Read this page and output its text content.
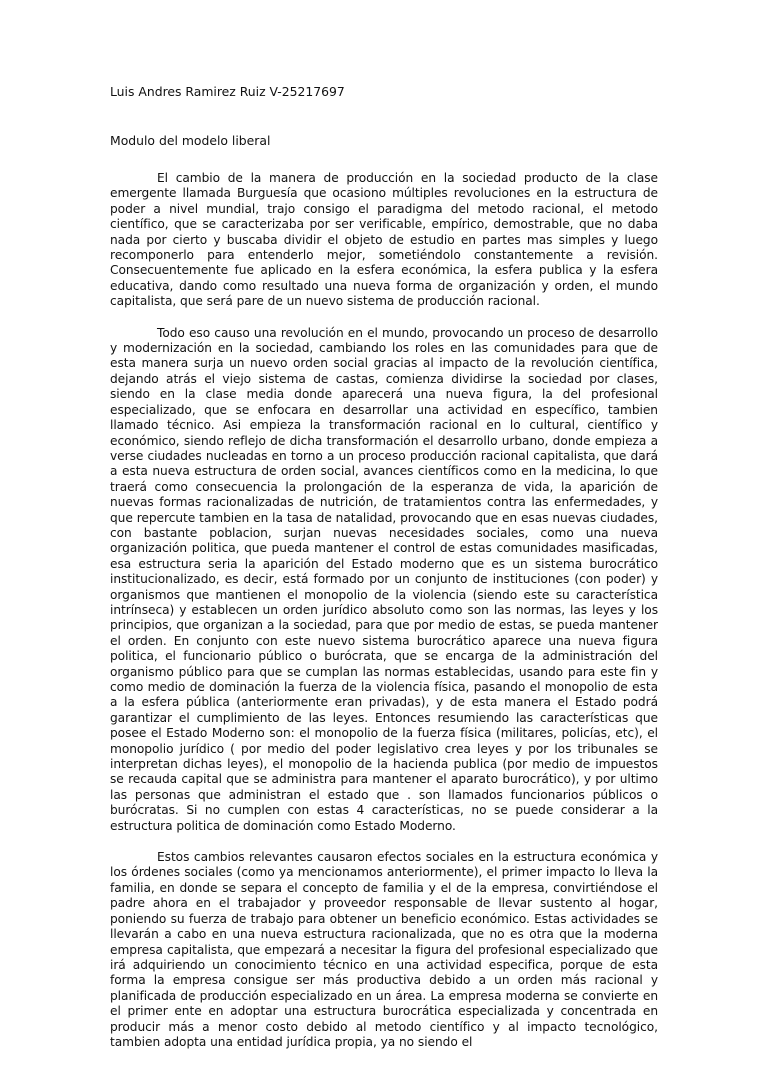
Luis Andres Ramirez Ruiz V-25217697

Modulo del modelo liberal

El cambio de la manera de producción en la sociedad producto de la clase emergente llamada Burguesía que ocasiono múltiples revoluciones en la estructura de poder a nivel mundial, trajo consigo el paradigma del metodo racional, el metodo científico, que se caracterizaba por ser verificable, empírico, demostrable, que no daba nada por cierto y buscaba dividir el objeto de estudio en partes mas simples y luego recomponerlo para entenderlo mejor, sometiéndolo constantemente a revisión. Consecuentemente fue aplicado en la esfera económica, la esfera publica y la esfera educativa, dando como resultado una nueva forma de organización y orden, el mundo capitalista, que será pare de un nuevo sistema de producción racional.

Todo eso causo una revolución en el mundo, provocando un proceso de desarrollo y modernización en la sociedad, cambiando los roles en las comunidades para que de esta manera surja un nuevo orden social gracias al impacto de la revolución científica, dejando atrás el viejo sistema de castas, comienza dividirse la sociedad por clases, siendo en la clase media donde aparecerá una nueva figura, la del profesional especializado, que se enfocara en desarrollar una actividad en específico, tambien llamado técnico. Asi empieza la transformación racional en lo cultural, científico y económico, siendo reflejo de dicha transformación el desarrollo urbano, donde empieza a verse ciudades nucleadas en torno a un proceso producción racional capitalista, que dará a esta nueva estructura de orden social, avances científicos como en la medicina, lo que traerá como consecuencia la prolongación de la esperanza de vida, la aparición de nuevas formas racionalizadas de nutrición, de tratamientos contra las enfermedades, y que repercute tambien en la tasa de natalidad, provocando que en esas nuevas ciudades, con bastante poblacion, surjan nuevas necesidades sociales, como una nueva organización politica, que pueda mantener el control de estas comunidades masificadas, esa estructura seria la aparición del Estado moderno que es un sistema burocrático institucionalizado, es decir, está formado por un conjunto de instituciones (con poder) y organismos que mantienen el monopolio de la violencia (siendo este su característica intrínseca) y establecen un orden jurídico absoluto como son las normas, las leyes y los principios, que organizan a la sociedad, para que por medio de estas, se pueda mantener el orden. En conjunto con este nuevo sistema burocrático aparece una nueva figura politica, el funcionario público o burócrata, que se encarga de la administración del organismo público para que se cumplan las normas establecidas, usando para este fin y como medio de dominación la fuerza de la violencia física, pasando el monopolio de esta a la esfera pública (anteriormente eran privadas), y de esta manera el Estado podrá garantizar el cumplimiento de las leyes. Entonces resumiendo las características que posee el Estado Moderno son: el monopolio de la fuerza física (militares, policías, etc), el monopolio jurídico ( por medio del poder legislativo crea leyes y por los tribunales se interpretan dichas leyes), el monopolio de la hacienda publica (por medio de impuestos se recauda capital que se administra para mantener el aparato burocrático), y por ultimo las personas que administran el estado que . son llamados funcionarios públicos o burócratas. Si no cumplen con estas 4 características, no se puede considerar a la estructura politica de dominación como Estado Moderno.

Estos cambios relevantes causaron efectos sociales en la estructura económica y los órdenes sociales (como ya mencionamos anteriormente), el primer impacto lo lleva la familia, en donde se separa el concepto de familia y el de la empresa, convirtiéndose el padre ahora en el trabajador y proveedor responsable de llevar sustento al hogar, poniendo su fuerza de trabajo para obtener un beneficio económico. Estas actividades se llevarán a cabo en una nueva estructura racionalizada, que no es otra que la moderna empresa capitalista, que empezará a necesitar la figura del profesional especializado que irá adquiriendo un conocimiento técnico en una actividad especifica, porque de esta forma la empresa consigue ser más productiva debido a un orden más racional y planificada de producción especializado en un área. La empresa moderna se convierte en el primer ente en adoptar una estructura burocrática especializada y concentrada en producir más a menor costo debido al metodo científico y al impacto tecnológico, tambien adopta una entidad jurídica propia, ya no siendo el
